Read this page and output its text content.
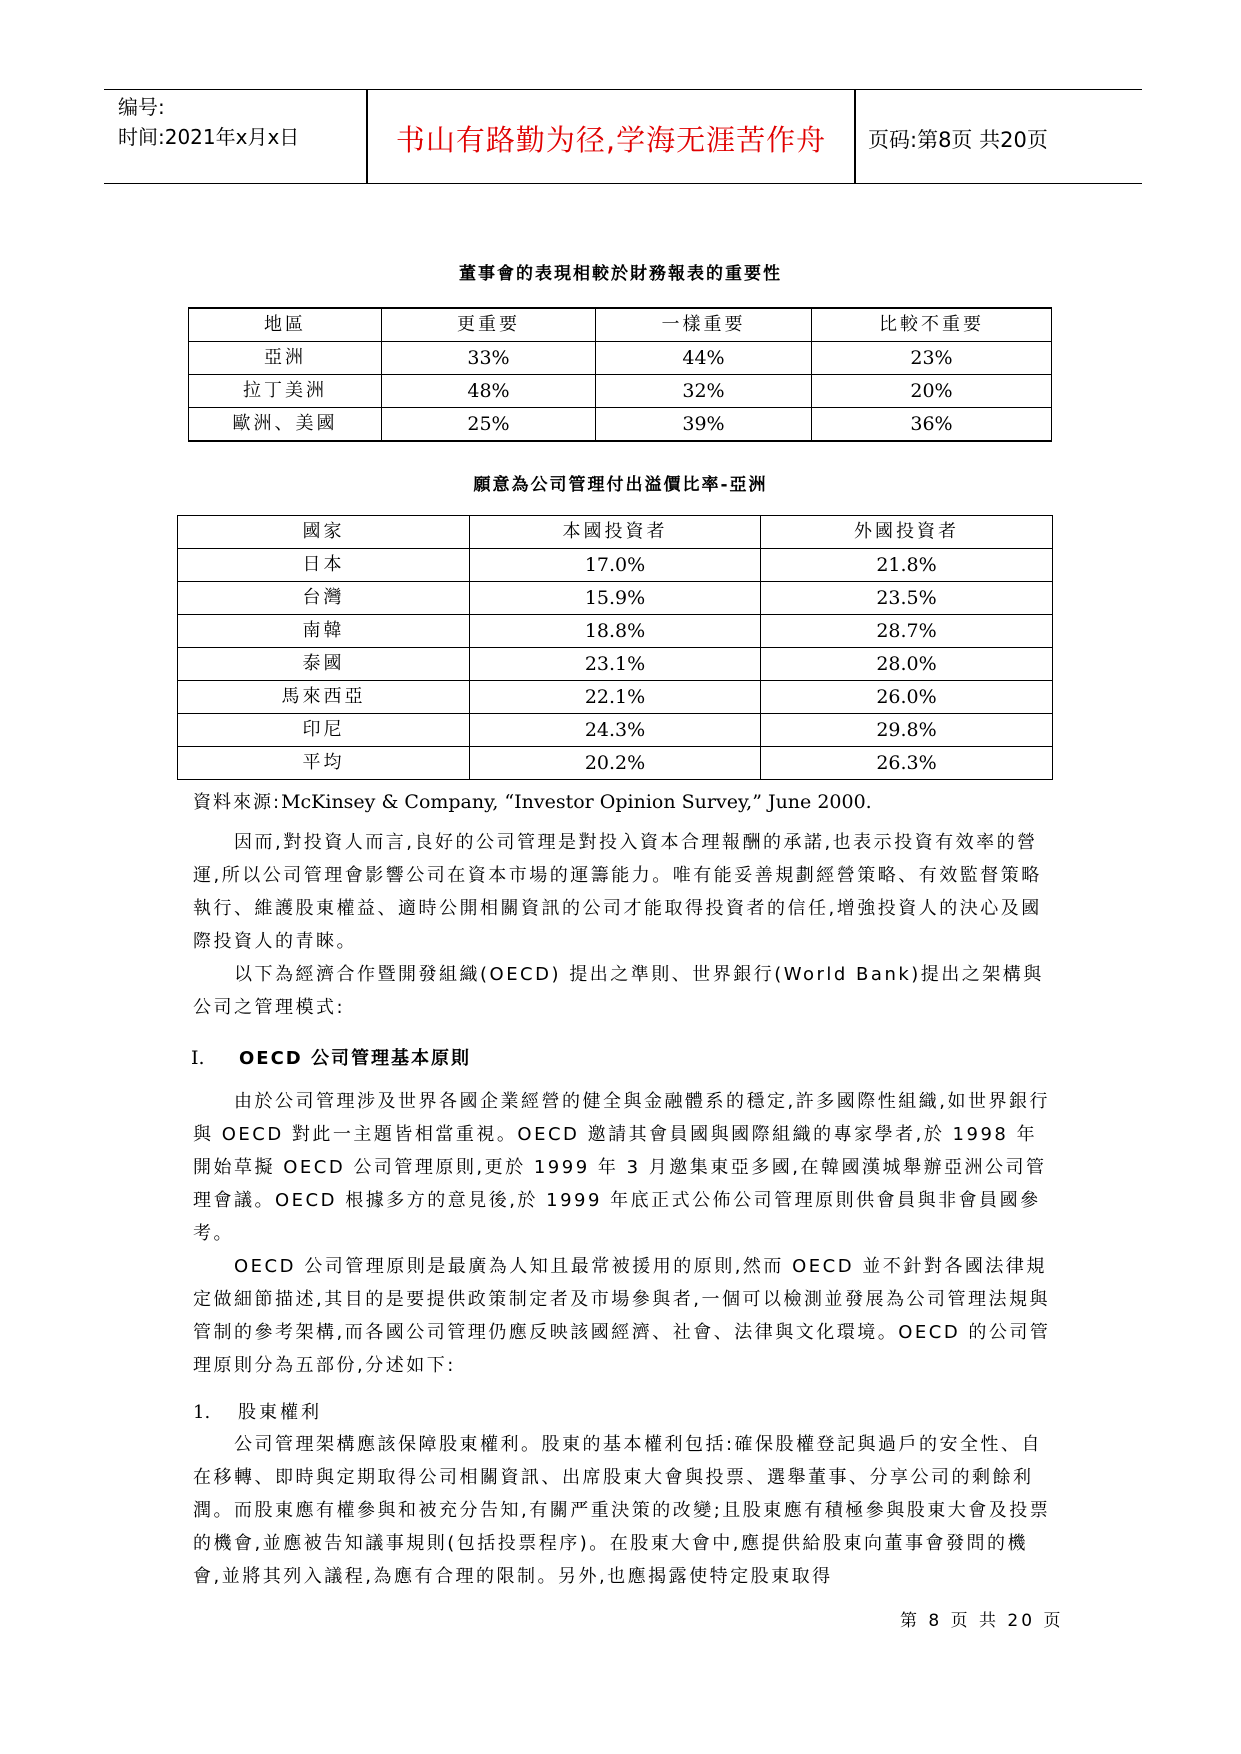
编号:
时间:2021年x月x日	书山有路勤为径,学海无涯苦作舟	页码:第8页 共20页
董事會的表現相較於財務報表的重要性
地區	更重要	一樣重要	比較不重要
亞洲	33%	44%	23%
拉丁美洲	48%	32%	20%
歐洲、美國	25%	39%	36%
願意為公司管理付出溢價比率-亞洲
國家	本國投資者	外國投資者
日本	17.0%	21.8%
台灣	15.9%	23.5%
南韓	18.8%	28.7%
泰國	23.1%	28.0%
馬來西亞	22.1%	26.0%
印尼	24.3%	29.8%
平均	20.2%	26.3%
資料來源:McKinsey & Company, “Investor Opinion Survey,” June 2000.

因而,對投資人而言,良好的公司管理是對投入資本合理報酬的承諾,也表示投資有效率的營運,所以公司管理會影響公司在資本市場的運籌能力。唯有能妥善規劃經營策略、有效監督策略執行、維護股東權益、適時公開相關資訊的公司才能取得投資者的信任,增強投資人的決心及國際投資人的青睞。

以下為經濟合作暨開發組織(OECD) 提出之準則、世界銀行(World Bank)提出之架構與公司之管理模式:

I. OECD 公司管理基本原則

由於公司管理涉及世界各國企業經營的健全與金融體系的穩定,許多國際性組織,如世界銀行與 OECD 對此一主題皆相當重視。OECD 邀請其會員國與國際組織的專家學者,於 1998 年開始草擬 OECD 公司管理原則,更於 1999 年 3 月邀集東亞多國,在韓國漢城舉辦亞洲公司管理會議。OECD 根據多方的意見後,於 1999 年底正式公佈公司管理原則供會員與非會員國參考。

OECD 公司管理原則是最廣為人知且最常被援用的原則,然而 OECD 並不針對各國法律規定做細節描述,其目的是要提供政策制定者及市場參與者,一個可以檢測並發展為公司管理法規與管制的參考架構,而各國公司管理仍應反映該國經濟、社會、法律與文化環境。OECD 的公司管理原則分為五部份,分述如下:

1. 股東權利

公司管理架構應該保障股東權利。股東的基本權利包括:確保股權登記與過戶的安全性、自在移轉、即時與定期取得公司相關資訊、出席股東大會與投票、選舉董事、分享公司的剩餘利潤。而股東應有權參與和被充分告知,有關严重決策的改變;且股東應有積極參與股東大會及投票的機會,並應被告知議事規則(包括投票程序)。在股東大會中,應提供給股東向董事會發問的機會,並將其列入議程,為應有合理的限制。另外,也應揭露使特定股東取得

第 8 页 共 20 页
